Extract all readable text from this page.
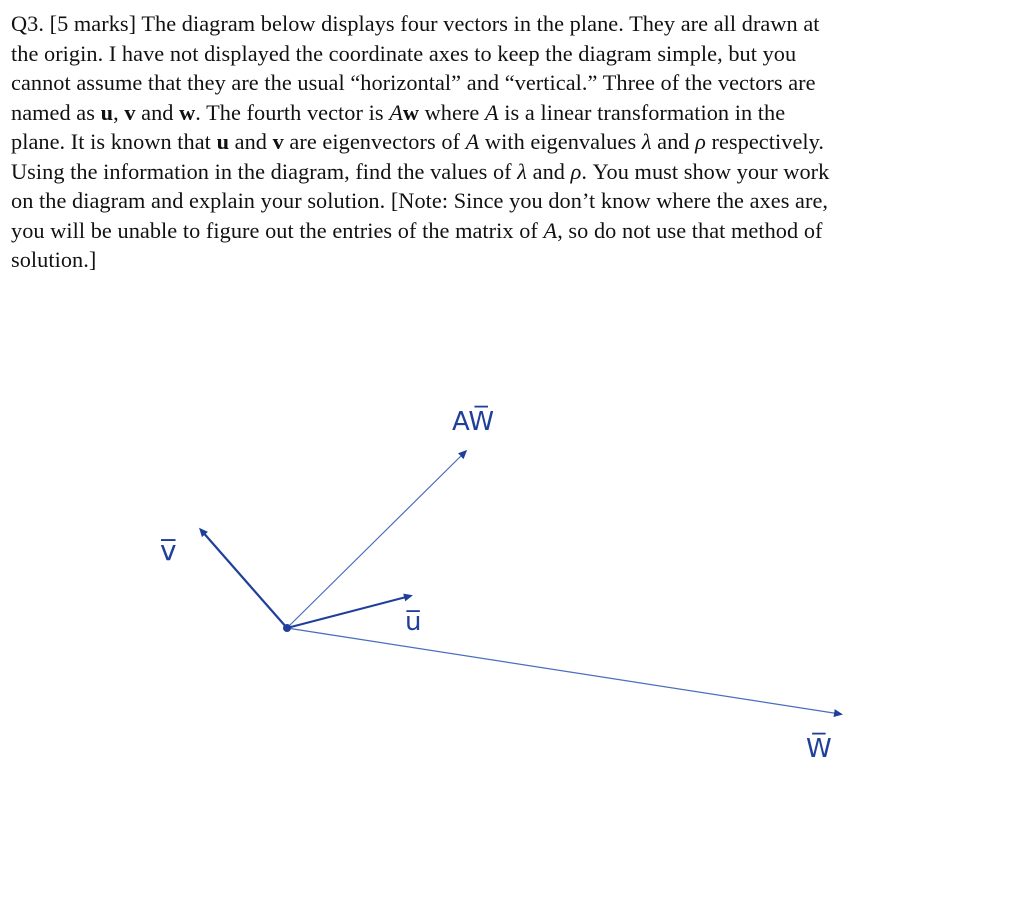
Q3. [5 marks] The diagram below displays four vectors in the plane. They are all drawn at
the origin. I have not displayed the coordinate axes to keep the diagram simple, but you
cannot assume that they are the usual “horizontal” and “vertical.” Three of the vectors are
named as u, v and w. The fourth vector is Aw where A is a linear transformation in the
plane. It is known that u and v are eigenvectors of A with eigenvalues λ and ρ respectively.
Using the information in the diagram, find the values of λ and ρ. You must show your work
on the diagram and explain your solution. [Note: Since you don’t know where the axes are,
you will be unable to figure out the entries of the matrix of A, so do not use that method of
solution.]
AW̅
v̅
u̅
W̅
